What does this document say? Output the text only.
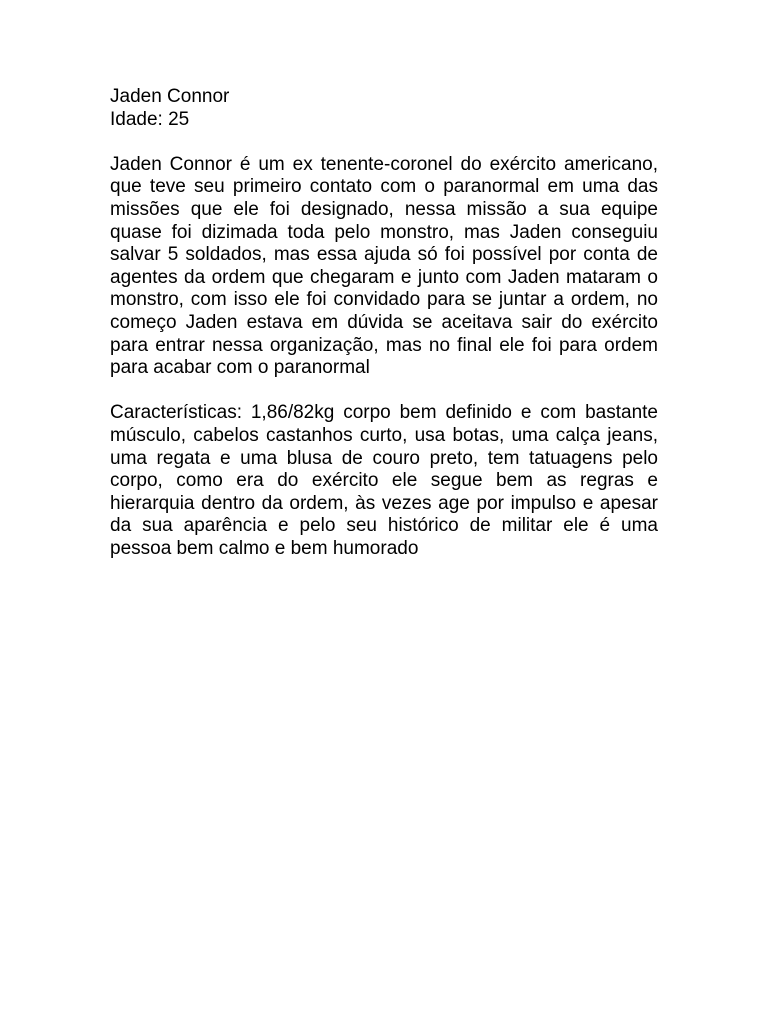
Jaden Connor
Idade: 25

Jaden Connor é um ex tenente-coronel do exército americano, que teve seu primeiro contato com o paranormal em uma das missões que ele foi designado, nessa missão a sua equipe quase foi dizimada toda pelo monstro, mas Jaden conseguiu salvar 5 soldados, mas essa ajuda só foi possível por conta de agentes da ordem que chegaram e junto com Jaden mataram o monstro, com isso ele foi convidado para se juntar a ordem, no começo Jaden estava em dúvida se aceitava sair do exército para entrar nessa organização, mas no final ele foi para ordem para acabar com o paranormal

Características: 1,86/82kg corpo bem definido e com bastante músculo, cabelos castanhos curto, usa botas, uma calça jeans, uma regata e uma blusa de couro preto, tem tatuagens pelo corpo, como era do exército ele segue bem as regras e hierarquia dentro da ordem, às vezes age por impulso e apesar da sua aparência e pelo seu histórico de militar ele é uma pessoa bem calmo e bem humorado
